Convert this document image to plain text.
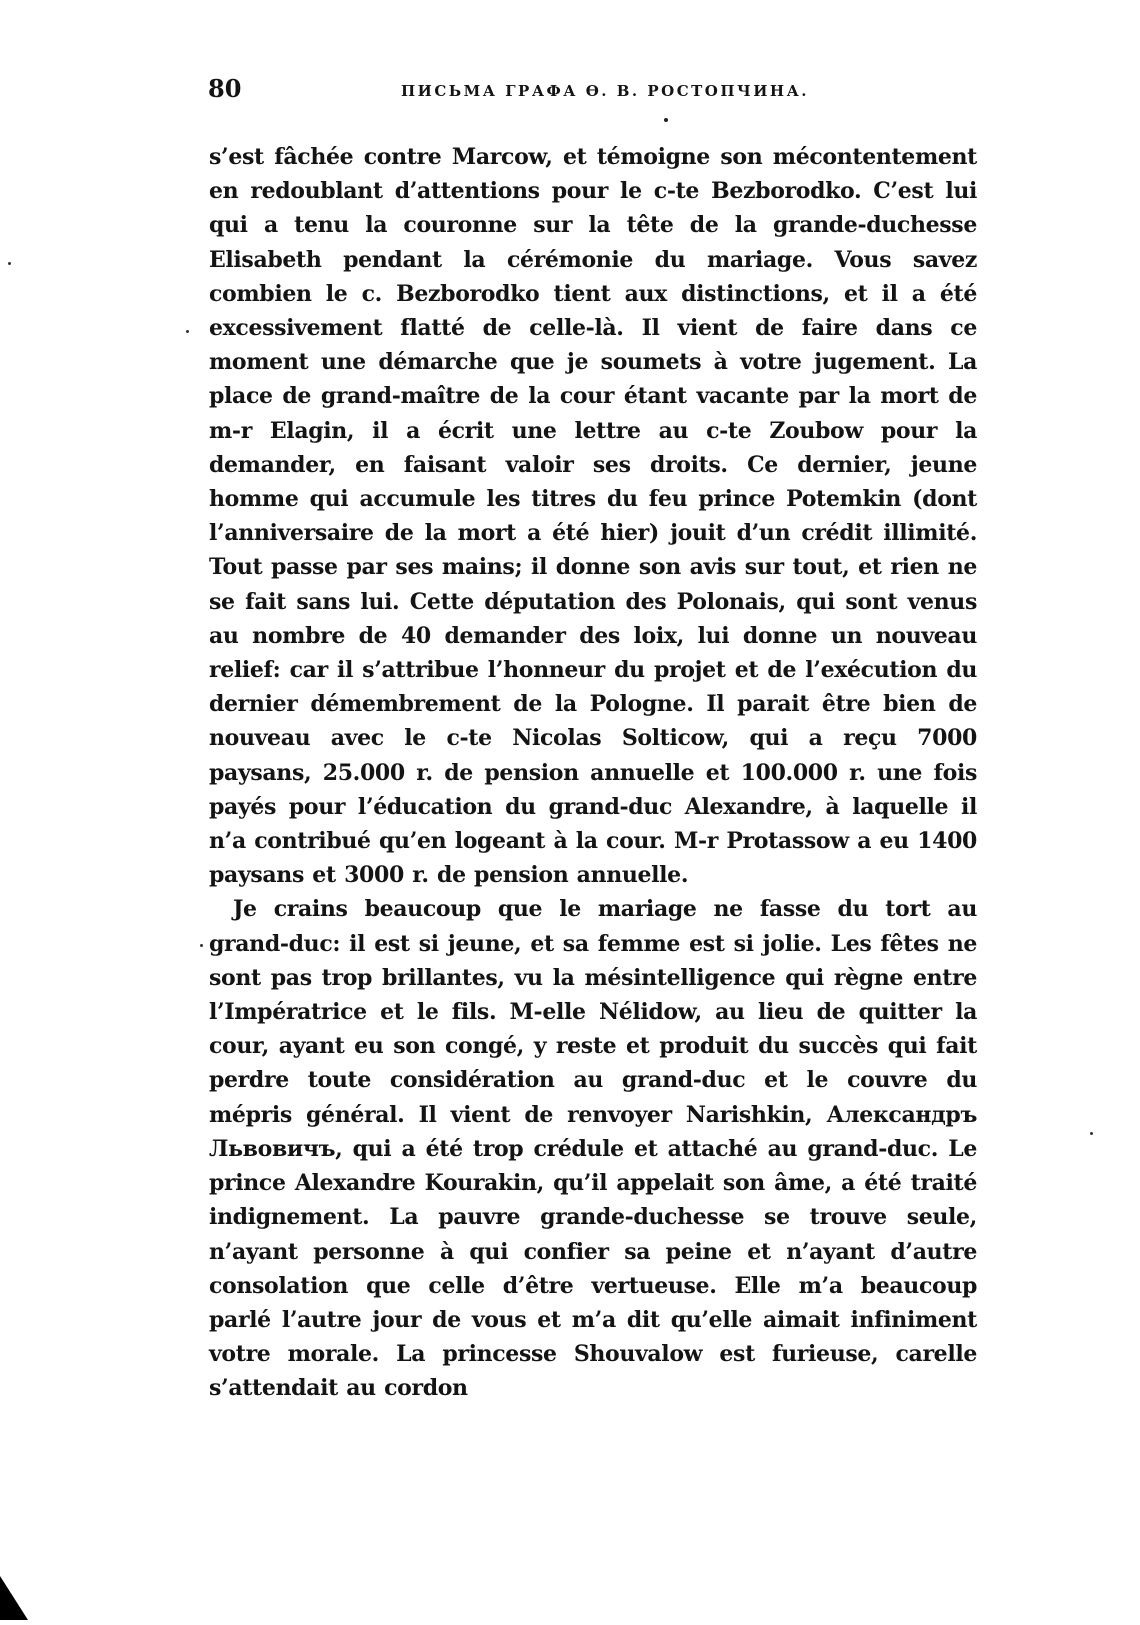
80	ПИСЬМА ГРАФА Ѳ. В. РОСТОПЧИНА.

s’est fâchée contre Marcow, et témoigne son mécontentement en redoublant d’attentions pour le c-te Bezborodko. C’est lui qui a tenu la couronne sur la tête de la grande-duchesse Elisabeth pendant la cérémonie du mariage. Vous savez combien le c. Bezborodko tient aux distinctions, et il a été excessivement flatté de celle-là. Il vient de faire dans ce moment une démarche que je soumets à votre jugement. La place de grand-maître de la cour étant vacante par la mort de m-r Elagin, il a écrit une lettre au c-te Zoubow pour la demander, en faisant valoir ses droits. Ce dernier, jeune homme qui accumule les titres du feu prince Potemkin (dont l’anniversaire de la mort a été hier) jouit d’un crédit illimité. Tout passe par ses mains; il donne son avis sur tout, et rien ne se fait sans lui. Cette députation des Polonais, qui sont venus au nombre de 40 demander des loix, lui donne un nouveau relief: car il s’attribue l’honneur du projet et de l’exécution du dernier démembrement de la Pologne. Il parait être bien de nouveau avec le c-te Nicolas Solticow, qui a reçu 7000 paysans, 25.000 r. de pension annuelle et 100.000 r. une fois payés pour l’éducation du grand-duc Alexandre, à laquelle il n’a contribué qu’en logeant à la cour. M-r Protassow a eu 1400 paysans et 3000 r. de pension annuelle.

Je crains beaucoup que le mariage ne fasse du tort au grand-duc: il est si jeune, et sa femme est si jolie. Les fêtes ne sont pas trop brillantes, vu la mésintelligence qui règne entre l’Impératrice et le fils. M-elle Nélidow, au lieu de quitter la cour, ayant eu son congé, y reste et produit du succès qui fait perdre toute considération au grand-duc et le couvre du mépris général. Il vient de renvoyer Narishkin, Александръ Львовичъ, qui a été trop crédule et attaché au grand-duc. Le prince Alexandre Kourakin, qu’il appelait son âme, a été traité indignement. La pauvre grande-duchesse se trouve seule, n’ayant personne à qui confier sa peine et n’ayant d’autre consolation que celle d’être vertueuse. Elle m’a beaucoup parlé l’autre jour de vous et m’a dit qu’elle aimait infiniment votre morale. La princesse Shouvalow est furieuse, carelle s’attendait au cordon
